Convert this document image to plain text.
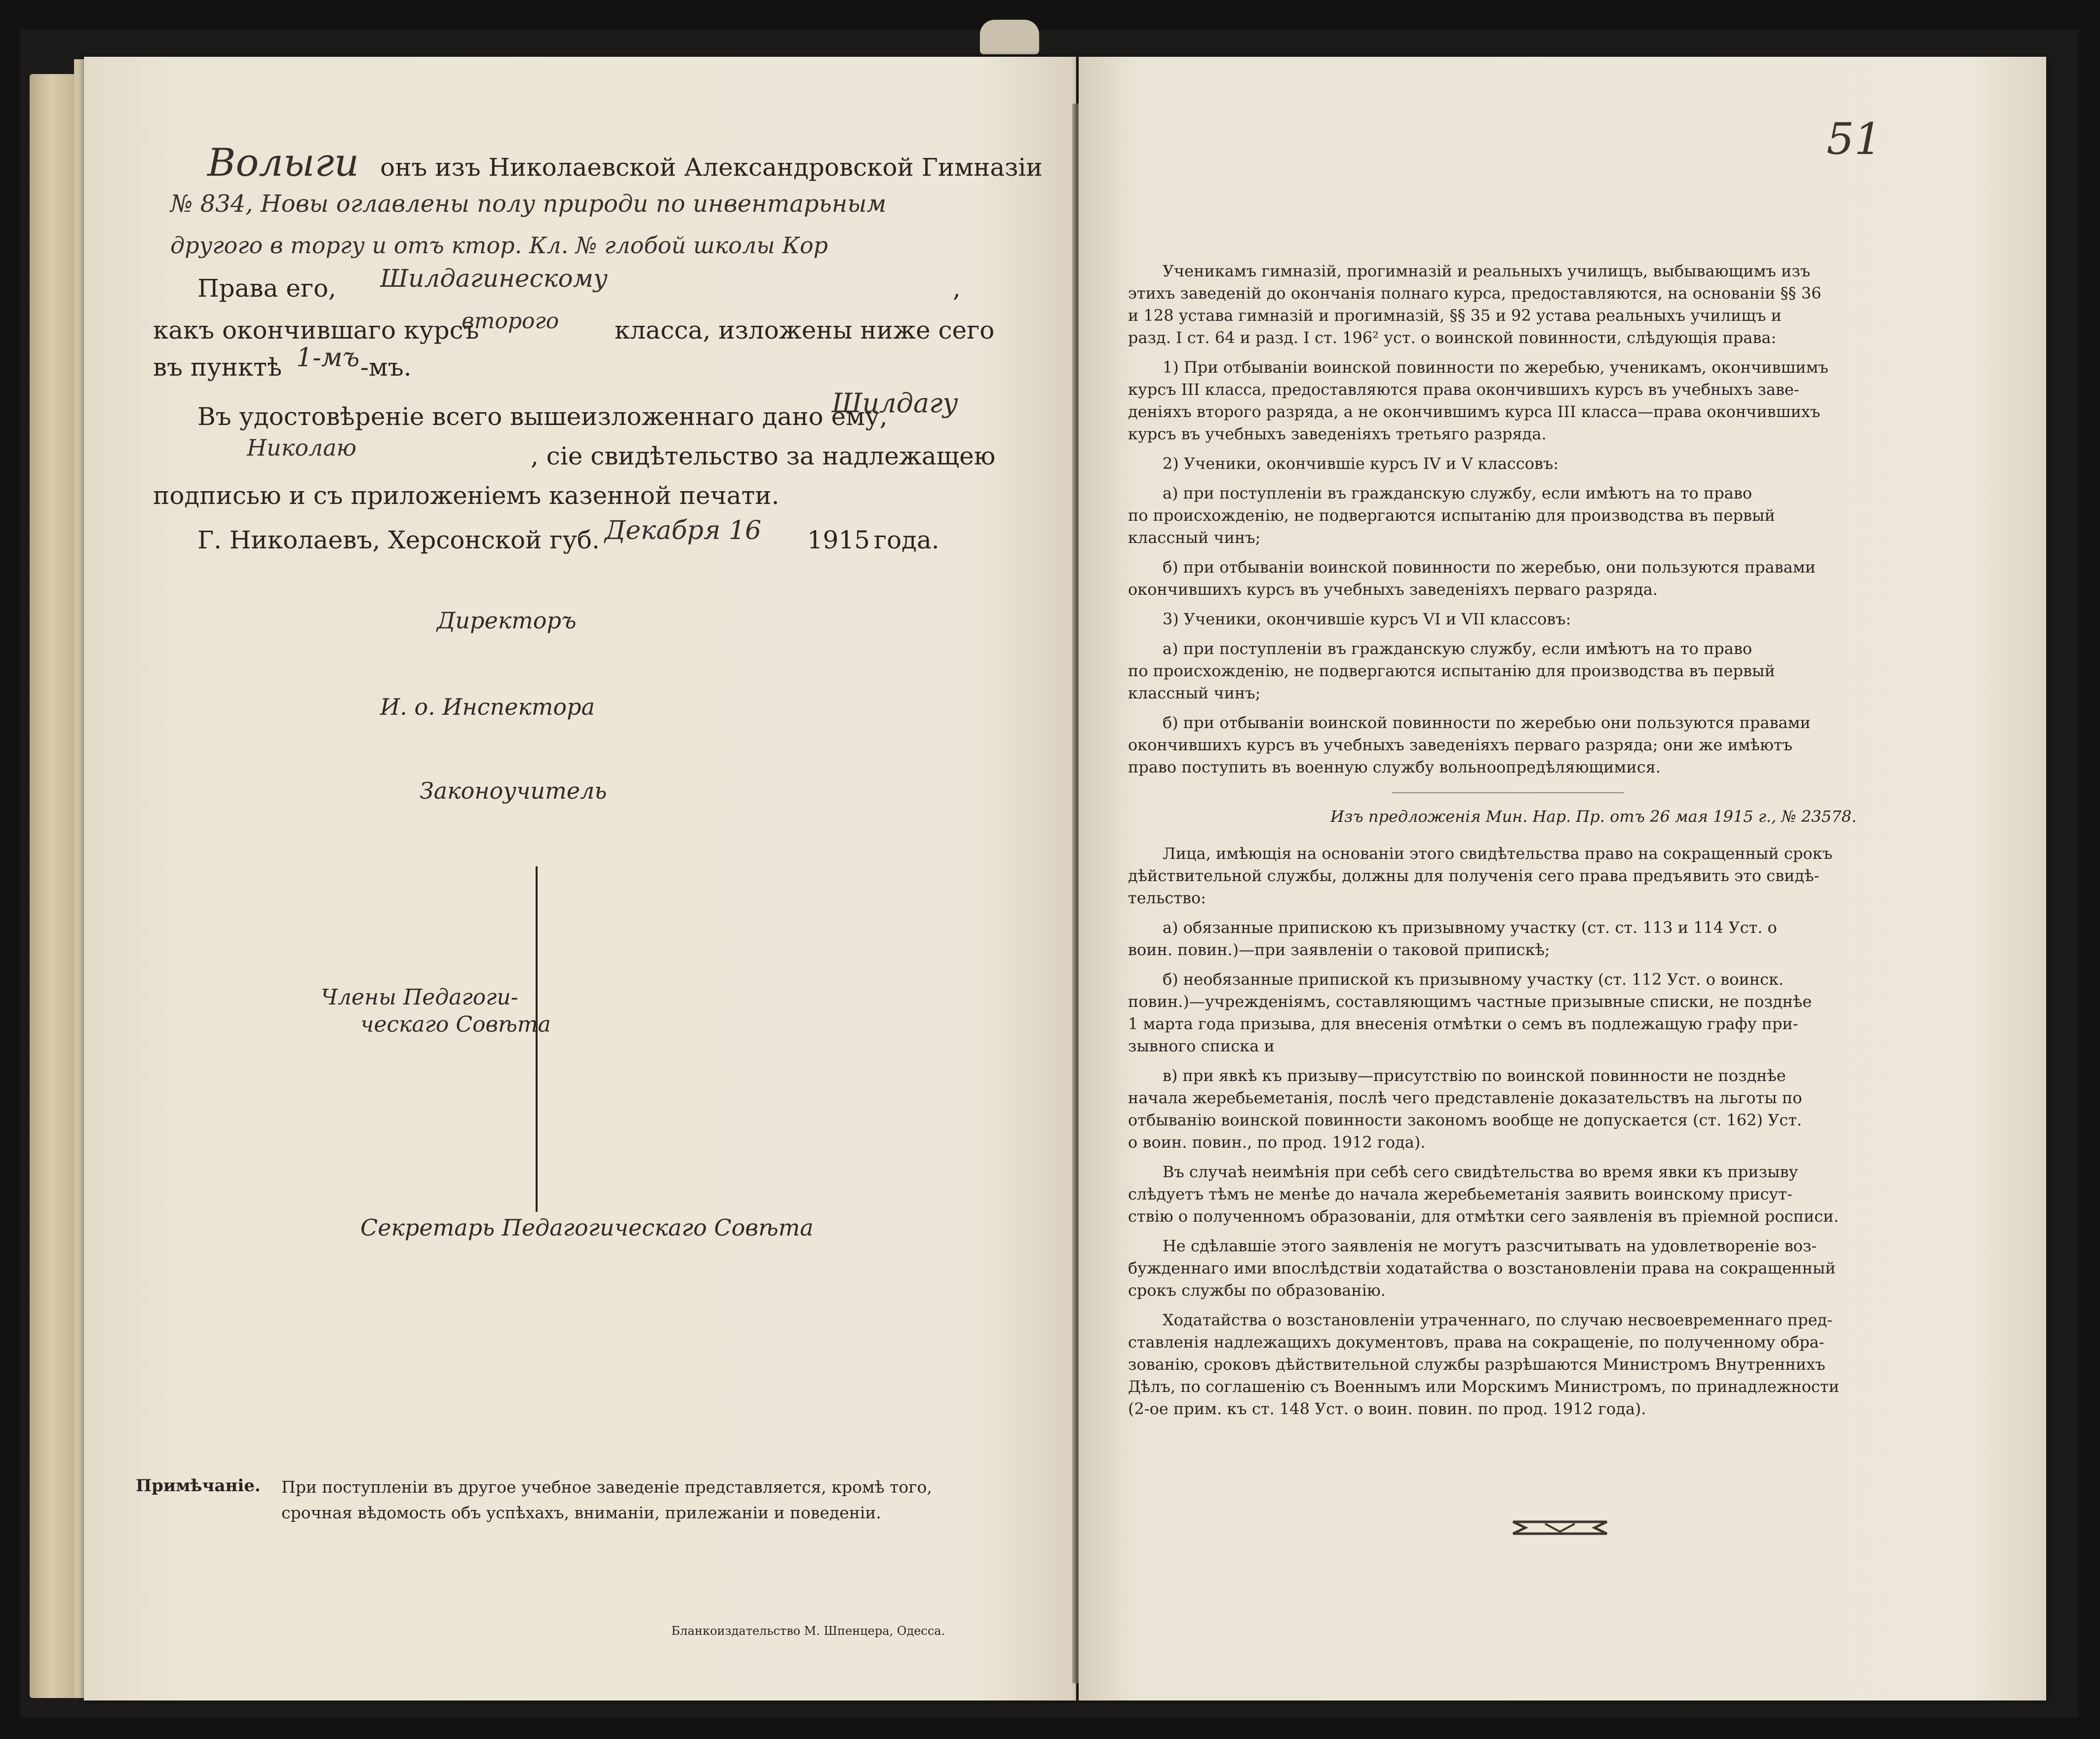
Волыги онъ изъ Николаевской Александровской Гимназіи
№ 834, Новы оглавлены полу природи по инвентарьным
другого в торгу и отъ ктор. Кл. № глобой школы Кор
Права его, Шилдагинескому	,
какъ окончившаго курсъ
второго класса, изложены ниже сего
въ пунктѣ 1-мъ -мъ.
Въ удостовѣреніе всего вышеизложеннаго дано ему,
Шилдагу
Николаю	, сіе свидѣтельство за надлежащею
подписью и съ приложеніемъ казенной печати.
Г. Николаевъ, Херсонской губ. Декабря 16 1915 года.
Директоръ
И. о. Инспектора
Законоучитель
Члены Педагоги-
ческаго Совѣта
Секретарь Педагогическаго Совѣта
Примѣчаніе. При поступленіи въ другое учебное заведеніе представляется, кромѣ того,
срочная вѣдомость объ успѣхахъ, вниманіи, прилежаніи и поведеніи.
Бланкоиздательство М. Шпенцера, Одесса.
Ученикамъ гимназій, прогимназій и реальныхъ училищъ, выбывающимъ изъ
этихъ заведеній до окончанія полнаго курса, предоставляются, на основаніи §§ 36
и 128 устава гимназій и прогимназій, §§ 35 и 92 устава реальныхъ училищъ и
разд. I ст. 64 и разд. I ст. 196² уст. о воинской повинности, слѣдующія права:
1) При отбываніи воинской повинности по жеребью, ученикамъ, окончившимъ
курсъ III класса, предоставляются права окончившихъ курсъ въ учебныхъ заве-
деніяхъ второго разряда, а не окончившимъ курса III класса—права окончившихъ
курсъ въ учебныхъ заведеніяхъ третьяго разряда.
2) Ученики, окончившіе курсъ IV и V классовъ:
а) при поступленіи въ гражданскую службу, если имѣютъ на то право
по происхожденію, не подвергаются испытанію для производства въ первый
классный чинъ;
б) при отбываніи воинской повинности по жеребью, они пользуются правами
окончившихъ курсъ въ учебныхъ заведеніяхъ перваго разряда.
3) Ученики, окончившіе курсъ VI и VII классовъ:
а) при поступленіи въ гражданскую службу, если имѣютъ на то право
по происхожденію, не подвергаются испытанію для производства въ первый
классный чинъ;
б) при отбываніи воинской повинности по жеребью они пользуются правами
окончившихъ курсъ въ учебныхъ заведеніяхъ перваго разряда; они же имѣютъ
право поступить въ военную службу вольноопредѣляющимися.
Изъ предложенія Мин. Нар. Пр. отъ 26 мая 1915 г., № 23578.
Лица, имѣющія на основаніи этого свидѣтельства право на сокращенный срокъ
дѣйствительной службы, должны для полученія сего права предъявить это свидѣ-
тельство:
а) обязанные припискою къ призывному участку (ст. ст. 113 и 114 Уст. о
воин. повин.)—при заявленіи о таковой припискѣ;
б) необязанные припиской къ призывному участку (ст. 112 Уст. о воинск.
повин.)—учрежденіямъ, составляющимъ частные призывные списки, не позднѣе
1 марта года призыва, для внесенія отмѣтки о семъ въ подлежащую графу при-
зывного списка и
в) при явкѣ къ призыву—присутствію по воинской повинности не позднѣе
начала жеребьеметанія, послѣ чего представленіе доказательствъ на льготы по
отбыванію воинской повинности закономъ вообще не допускается (ст. 162) Уст.
о воин. повин., по прод. 1912 года).
Въ случаѣ неимѣнія при себѣ сего свидѣтельства во время явки къ призыву
слѣдуетъ тѣмъ не менѣе до начала жеребьеметанія заявить воинскому присут-
ствію о полученномъ образованіи, для отмѣтки сего заявленія въ пріемной росписи.
Не сдѣлавшіе этого заявленія не могутъ разсчитывать на удовлетвореніе воз-
бужденнаго ими впослѣдствіи ходатайства о возстановленіи права на сокращенный
срокъ службы по образованію.
Ходатайства о возстановленіи утраченнаго, по случаю несвоевременнаго пред-
ставленія надлежащихъ документовъ, права на сокращеніе, по полученному обра-
зованію, сроковъ дѣйствительной службы разрѣшаются Министромъ Внутреннихъ
Дѣлъ, по соглашенію съ Военнымъ или Морскимъ Министромъ, по принадлежности
(2-ое прим. къ ст. 148 Уст. о воин. повин. по прод. 1912 года).
51
